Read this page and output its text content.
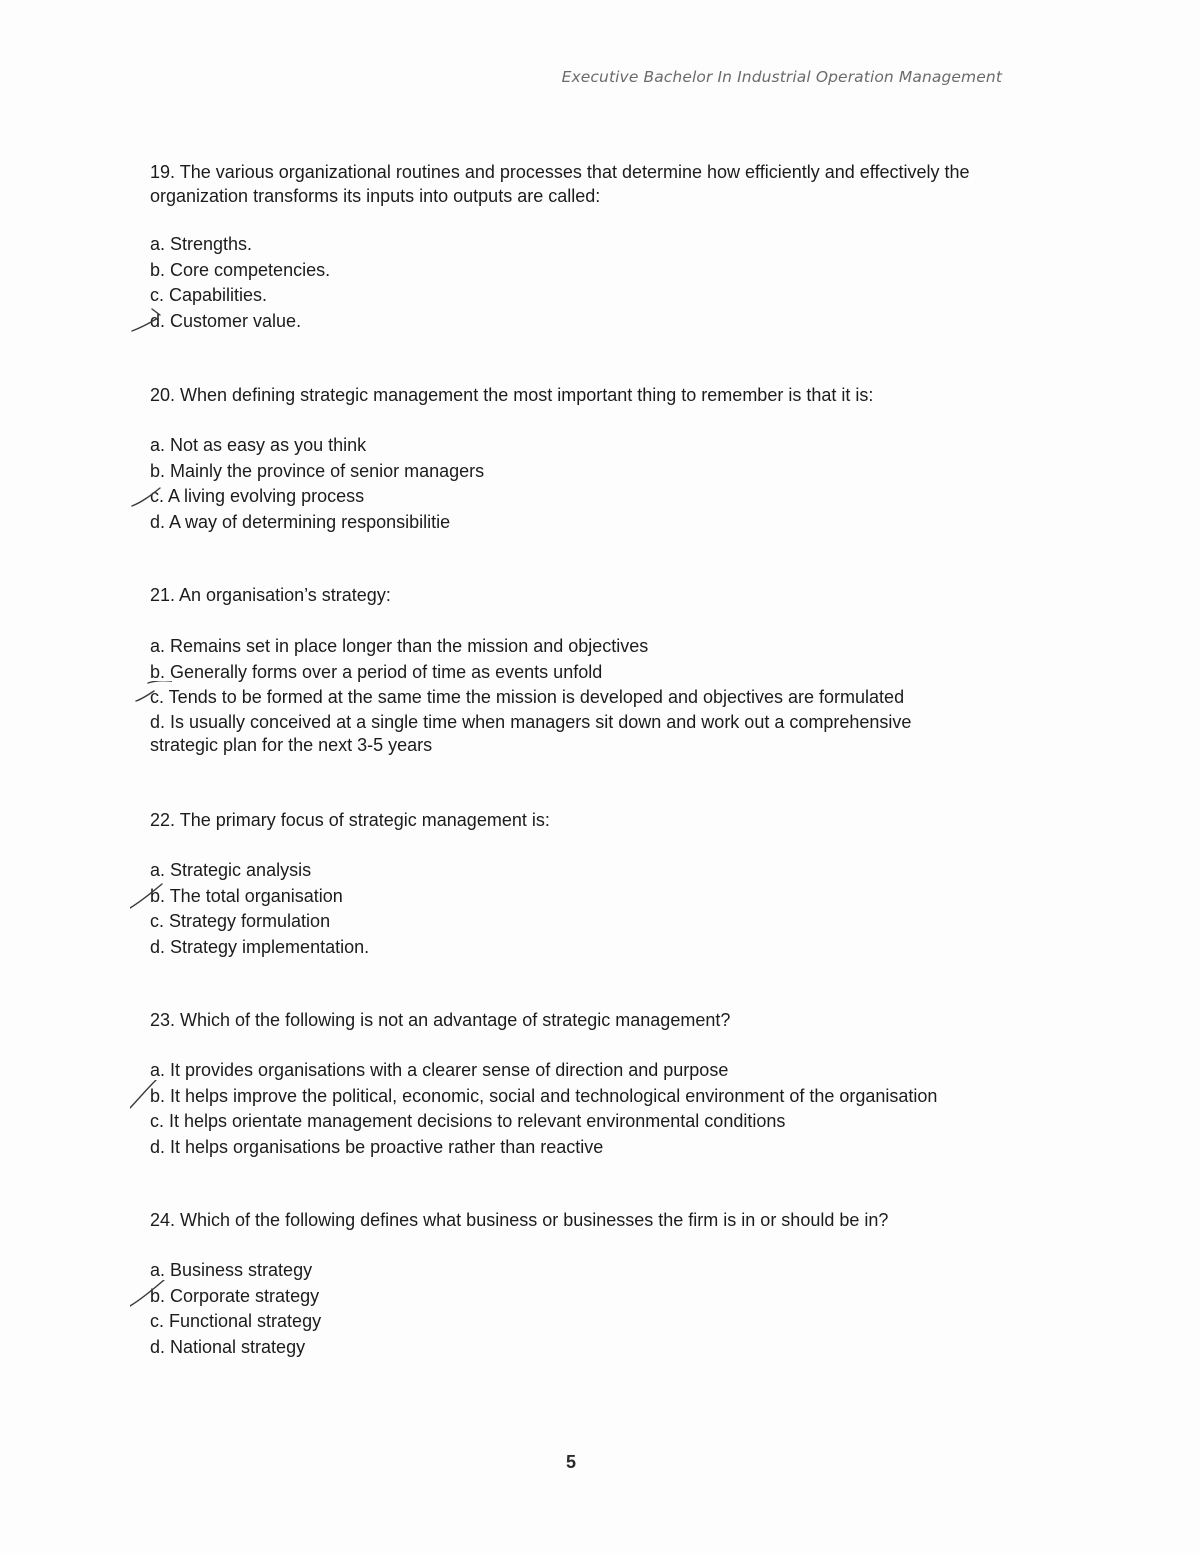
Executive Bachelor In Industrial Operation Management

19. The various organizational routines and processes that determine how efficiently and effectively the organization transforms its inputs into outputs are called:

a. Strengths.
b. Core competencies.
c. Capabilities.
d. Customer value.

20. When defining strategic management the most important thing to remember is that it is:

a. Not as easy as you think
b. Mainly the province of senior managers
c. A living evolving process
d. A way of determining responsibilitie

21. An organisation’s strategy:

a. Remains set in place longer than the mission and objectives
b. Generally forms over a period of time as events unfold
c. Tends to be formed at the same time the mission is developed and objectives are formulated
d. Is usually conceived at a single time when managers sit down and work out a comprehensive strategic plan for the next 3-5 years

22. The primary focus of strategic management is:

a. Strategic analysis
b. The total organisation
c. Strategy formulation
d. Strategy implementation.

23. Which of the following is not an advantage of strategic management?

a. It provides organisations with a clearer sense of direction and purpose
b. It helps improve the political, economic, social and technological environment of the organisation
c. It helps orientate management decisions to relevant environmental conditions
d. It helps organisations be proactive rather than reactive

24. Which of the following defines what business or businesses the firm is in or should be in?

a. Business strategy
b. Corporate strategy
c. Functional strategy
d. National strategy
5
